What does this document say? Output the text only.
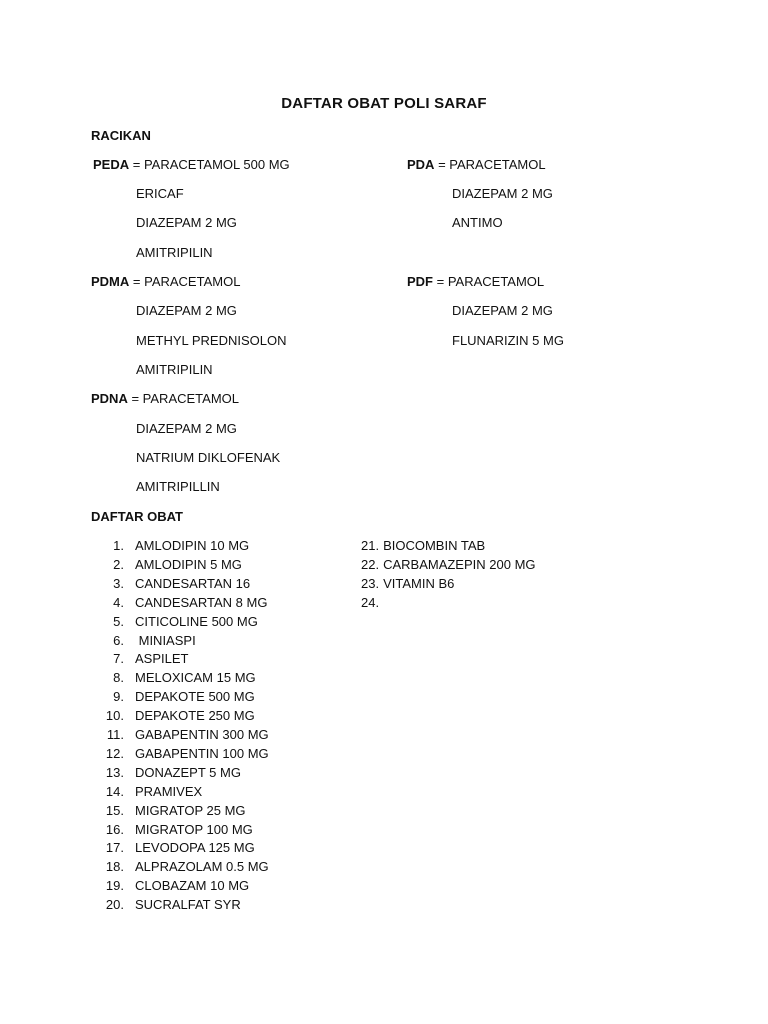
DAFTAR OBAT POLI SARAF
RACIKAN
PEDA = PARACETAMOL 500 MG
ERICAF
DIAZEPAM 2 MG
AMITRIPILIN
PDA = PARACETAMOL
DIAZEPAM 2 MG
ANTIMO
PDMA = PARACETAMOL
DIAZEPAM 2 MG
METHYL PREDNISOLON
AMITRIPILIN
PDF = PARACETAMOL
DIAZEPAM 2 MG
FLUNARIZIN 5 MG
PDNA = PARACETAMOL
DIAZEPAM 2 MG
NATRIUM DIKLOFENAK
AMITRIPILLIN
DAFTAR OBAT
1. AMLODIPIN 10 MG
2. AMLODIPIN 5 MG
3. CANDESARTAN 16
4. CANDESARTAN 8 MG
5. CITICOLINE 500 MG
6. MINIASPI
7. ASPILET
8. MELOXICAM 15 MG
9. DEPAKOTE 500 MG
10. DEPAKOTE 250 MG
11. GABAPENTIN 300 MG
12. GABAPENTIN 100 MG
13. DONAZEPT 5 MG
14. PRAMIVEX
15. MIGRATOP 25 MG
16. MIGRATOP 100 MG
17. LEVODOPA 125 MG
18. ALPRAZOLAM 0.5 MG
19. CLOBAZAM 10 MG
20. SUCRALFAT SYR
21. BIOCOMBIN TAB
22. CARBAMAZEPIN 200 MG
23. VITAMIN B6
24.
